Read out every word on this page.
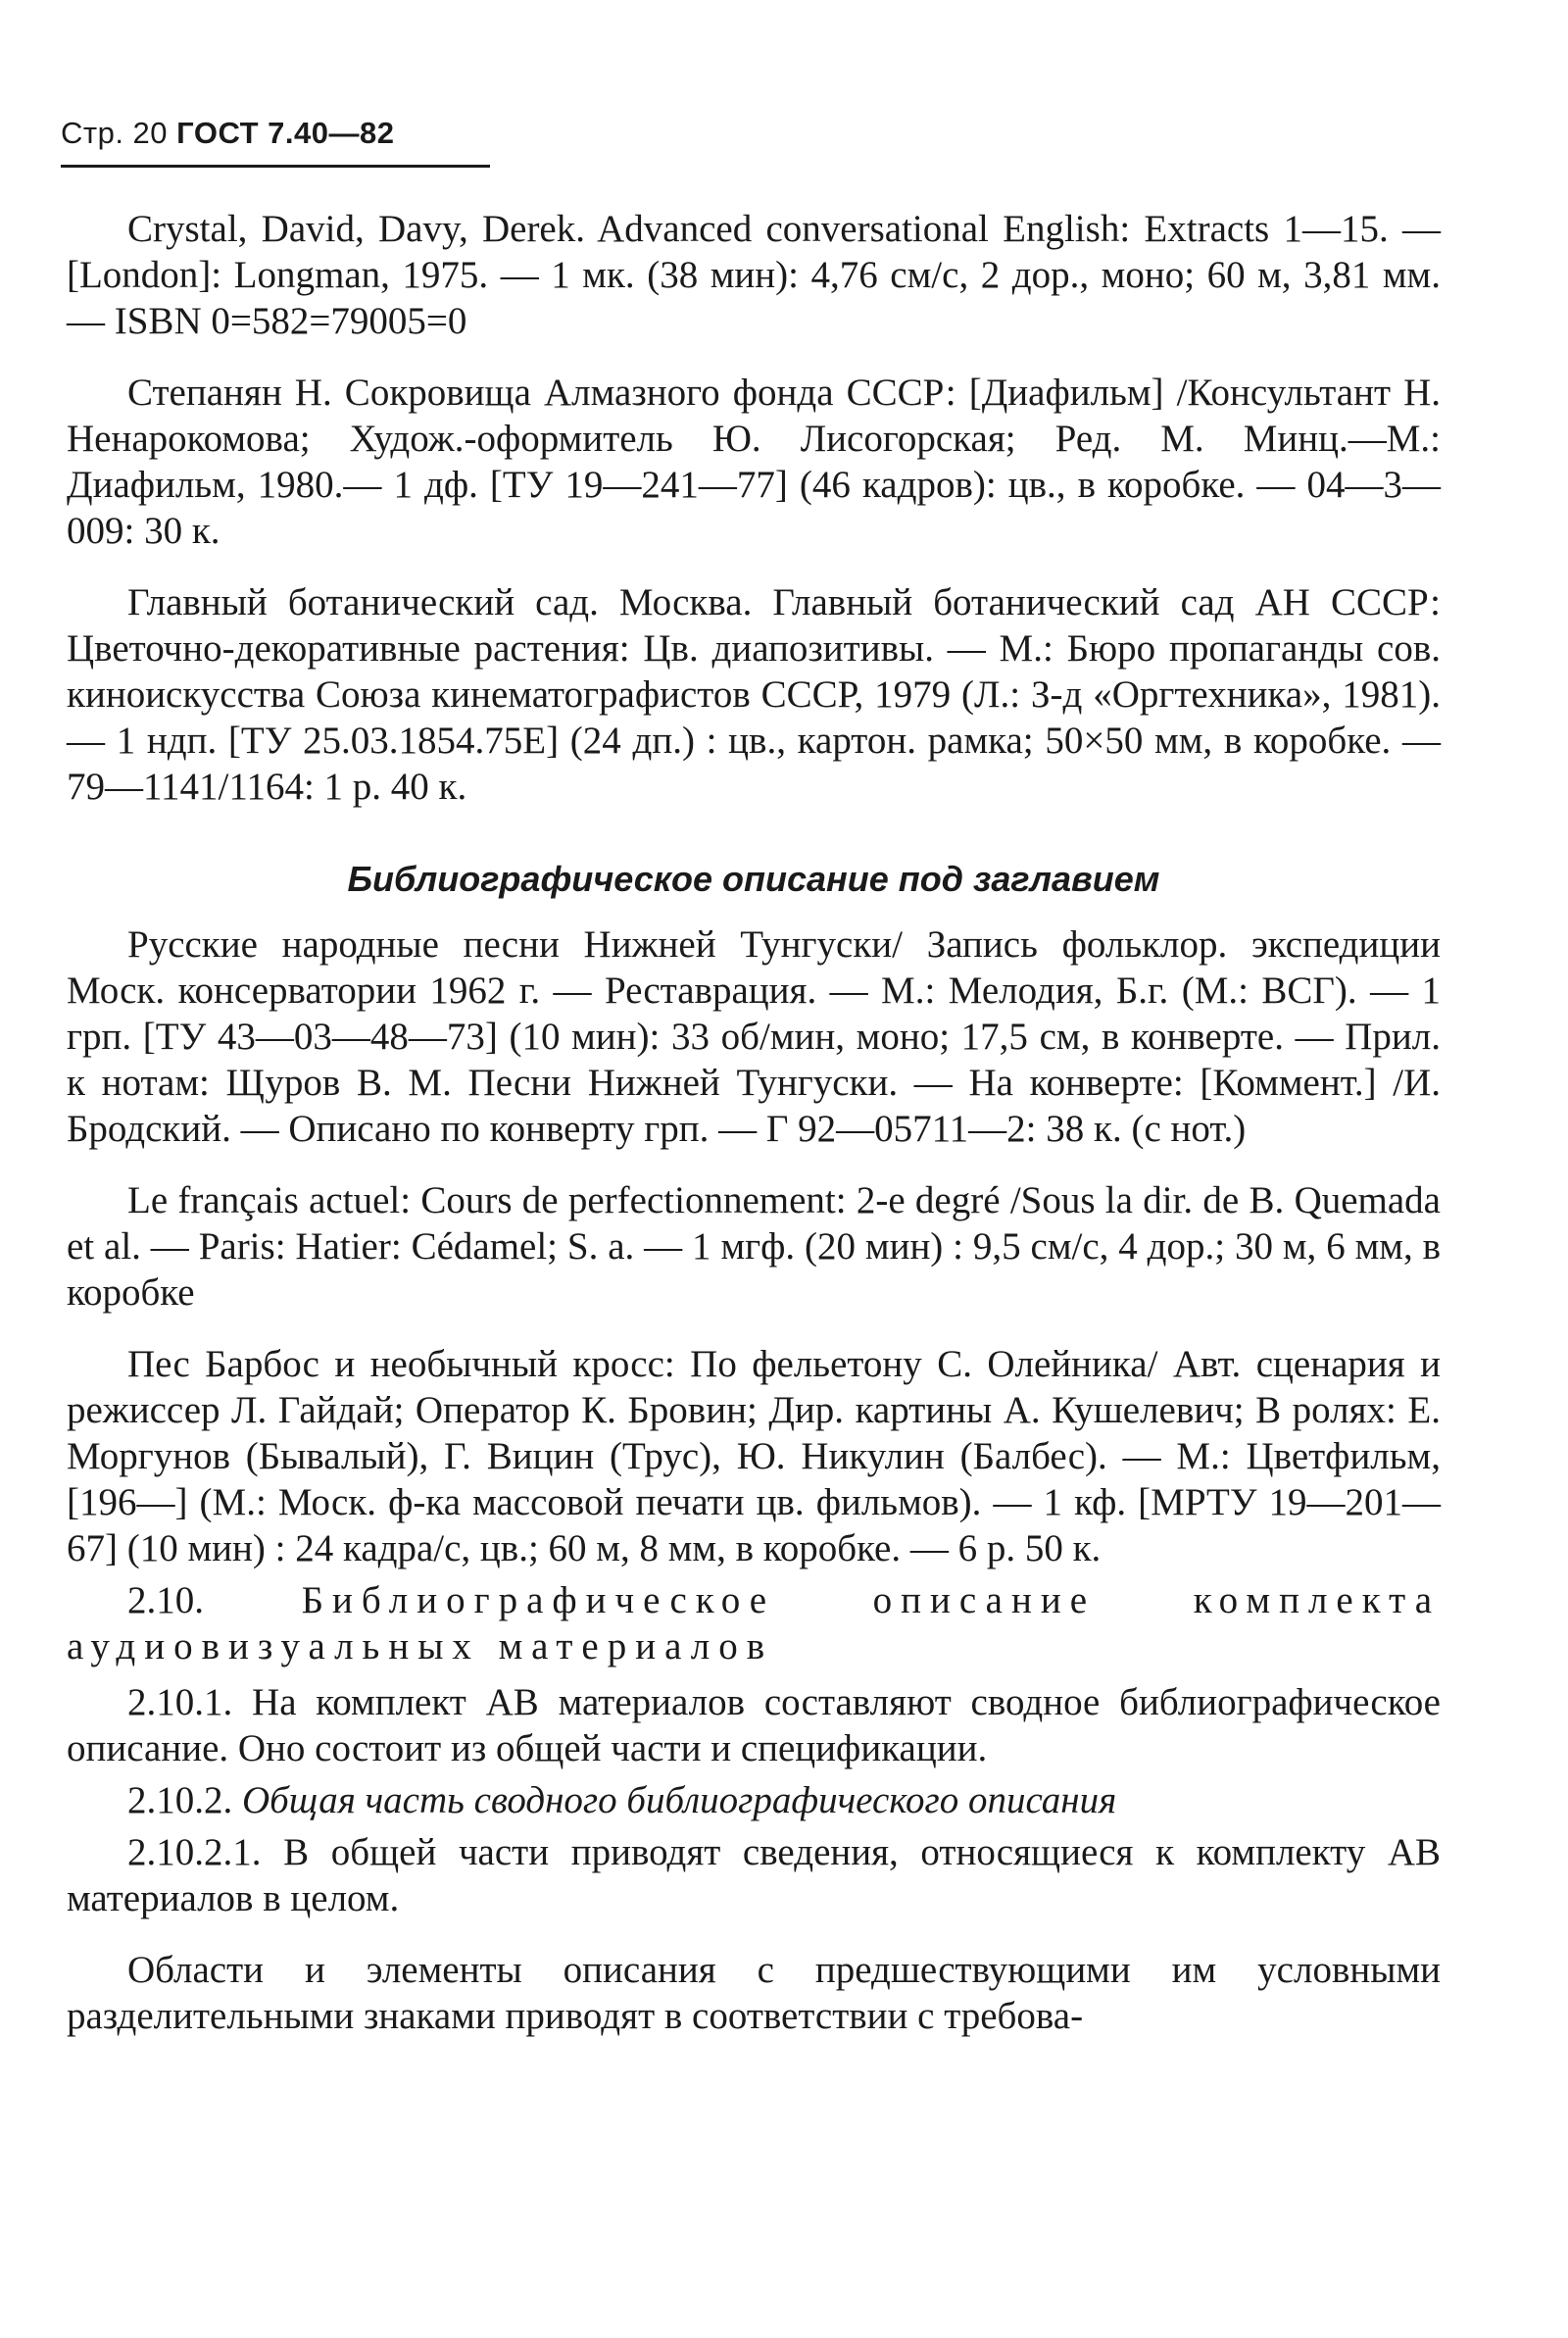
Стр. 20 ГОСТ 7.40—82

Crystal, David, Davy, Derek. Advanced conversational English: Extracts 1—15. — [London]: Longman, 1975. — 1 мк. (38 мин): 4,76 см/с, 2 дор., моно; 60 м, 3,81 мм. — ISBN 0=582=79005=0

Степанян Н. Сокровища Алмазного фонда СССР: [Диафильм] /Консультант Н. Ненарокомова; Худож.-оформитель Ю. Лисогорская; Ред. М. Минц.—М.: Диафильм, 1980.— 1 дф. [ТУ 19—241—77] (46 кадров): цв., в коробке. — 04—3—009: 30 к.

Главный ботанический сад. Москва. Главный ботанический сад АН СССР: Цветочно-декоративные растения: Цв. диапозитивы. — М.: Бюро пропаганды сов. киноискусства Союза кинематографистов СССР, 1979 (Л.: З-д «Оргтехника», 1981). — 1 ндп. [ТУ 25.03.1854.75Е] (24 дп.) : цв., картон. рамка; 50×50 мм, в коробке. — 79—1141/1164: 1 р. 40 к.

Библиографическое описание под заглавием

Русские народные песни Нижней Тунгуски/ Запись фольклор. экспедиции Моск. консерватории 1962 г. — Реставрация. — М.: Мелодия, Б.г. (М.: ВСГ). — 1 грп. [ТУ 43—03—48—73] (10 мин): 33 об/мин, моно; 17,5 см, в конверте. — Прил. к нотам: Щуров В. М. Песни Нижней Тунгуски. — На конверте: [Коммент.] /И. Бродский. — Описано по конверту грп. — Г 92—05711—2: 38 к. (с нот.)

Le français actuel: Cours de perfectionnement: 2-e degré /Sous la dir. de B. Quemada et al. — Paris: Hatier: Cédamel; S. a. — 1 мгф. (20 мин) : 9,5 см/с, 4 дор.; 30 м, 6 мм, в коробке

Пес Барбос и необычный кросс: По фельетону С. Олейника/ Авт. сценария и режиссер Л. Гайдай; Оператор К. Бровин; Дир. картины А. Кушелевич; В ролях: Е. Моргунов (Бывалый), Г. Вицин (Трус), Ю. Никулин (Балбес). — М.: Цветфильм, [196—] (М.: Моск. ф-ка массовой печати цв. фильмов). — 1 кф. [МРТУ 19—201—67] (10 мин) : 24 кадра/с, цв.; 60 м, 8 мм, в коробке. — 6 р. 50 к.

2.10.	Библиографическое описание комплекта аудиовизуальных материалов

2.10.1. На комплект АВ материалов составляют сводное библиографическое описание. Оно состоит из общей части и спецификации.

2.10.2. Общая часть сводного библиографического описания

2.10.2.1. В общей части приводят сведения, относящиеся к комплекту АВ материалов в целом.

Области и элементы описания с предшествующими им условными разделительными знаками приводят в соответствии с требова-
